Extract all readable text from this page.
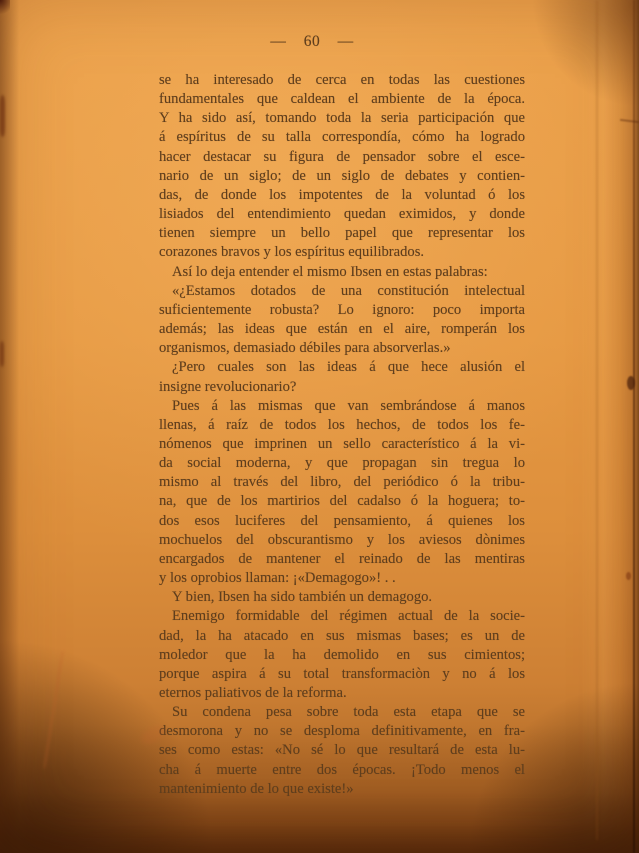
— 60 —

se ha interesado de cerca en todas las cuestiones
fundamentales que caldean el ambiente de la época.
Y ha sido así, tomando toda la seria participación que
á espíritus de su talla correspondía, cómo ha logrado
hacer destacar su figura de pensador sobre el esce-
nario de un siglo; de un siglo de debates y contien-
das, de donde los impotentes de la voluntad ó los
lisiados del entendimiento quedan eximidos, y donde
tienen siempre un bello papel que representar los
corazones bravos y los espíritus equilibrados.

Así lo deja entender el mismo Ibsen en estas palabras:

«¿Estamos dotados de una constitución intelectual
suficientemente robusta? Lo ignoro: poco importa
además; las ideas que están en el aire, romperán los
organismos, demasiado débiles para absorverlas.»

¿Pero cuales son las ideas á que hece alusión el
insigne revolucionario?

Pues á las mismas que van sembrándose á manos
llenas, á raíz de todos los hechos, de todos los fe-
nómenos que imprinen un sello característico á la vi-
da social moderna, y que propagan sin tregua lo
mismo al través del libro, del periódico ó la tribu-
na, que de los martirios del cadalso ó la hoguera; to-
dos esos luciferes del pensamiento, á quienes los
mochuelos del obscurantismo y los aviesos dònimes
encargados de mantener el reinado de las mentiras
y los oprobios llaman: ¡«Demagogo»! . .

Y bien, Ibsen ha sido también un demagogo.

Enemigo formidable del régimen actual de la socie-
dad, la ha atacado en sus mismas bases; es un de
moledor que la ha demolido en sus cimientos;
porque aspira á su total transformaciòn y no á los
eternos paliativos de la reforma.

Su condena pesa sobre toda esta etapa que se
desmorona y no se desploma definitivamente, en fra-
ses como estas: «No sé lo que resultará de esta lu-
cha á muerte entre dos épocas. ¡Todo menos el
mantenimiento de lo que existe!»
